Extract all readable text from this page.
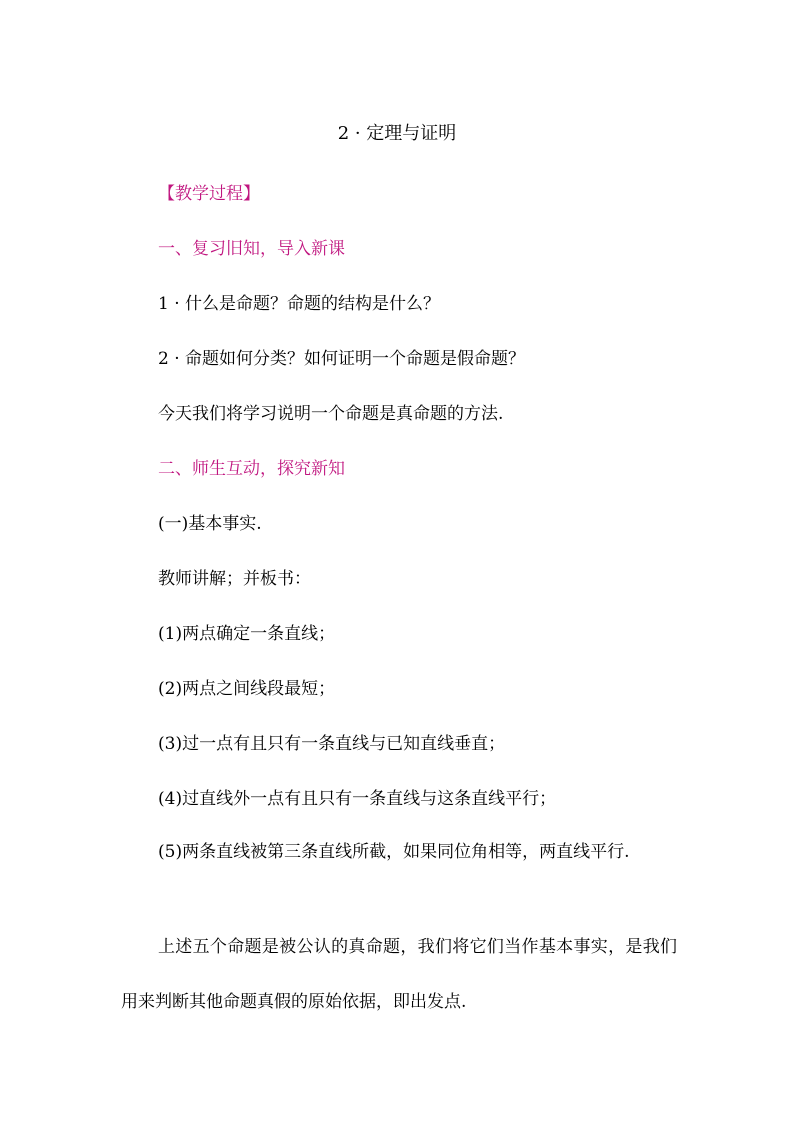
2 · 定理与证明
【教学过程】
一、复习旧知，导入新课
1 · 什么是命题？命题的结构是什么？
2 · 命题如何分类？如何证明一个命题是假命题？
今天我们将学习说明一个命题是真命题的方法.
二、师生互动，探究新知
(一)基本事实.
教师讲解；并板书：
(1)两点确定一条直线；
(2)两点之间线段最短；
(3)过一点有且只有一条直线与已知直线垂直；
(4)过直线外一点有且只有一条直线与这条直线平行；
(5)两条直线被第三条直线所截，如果同位角相等，两直线平行.
上述五个命题是被公认的真命题，我们将它们当作基本事实，是我们用来判断其他命题真假的原始依据，即出发点.
